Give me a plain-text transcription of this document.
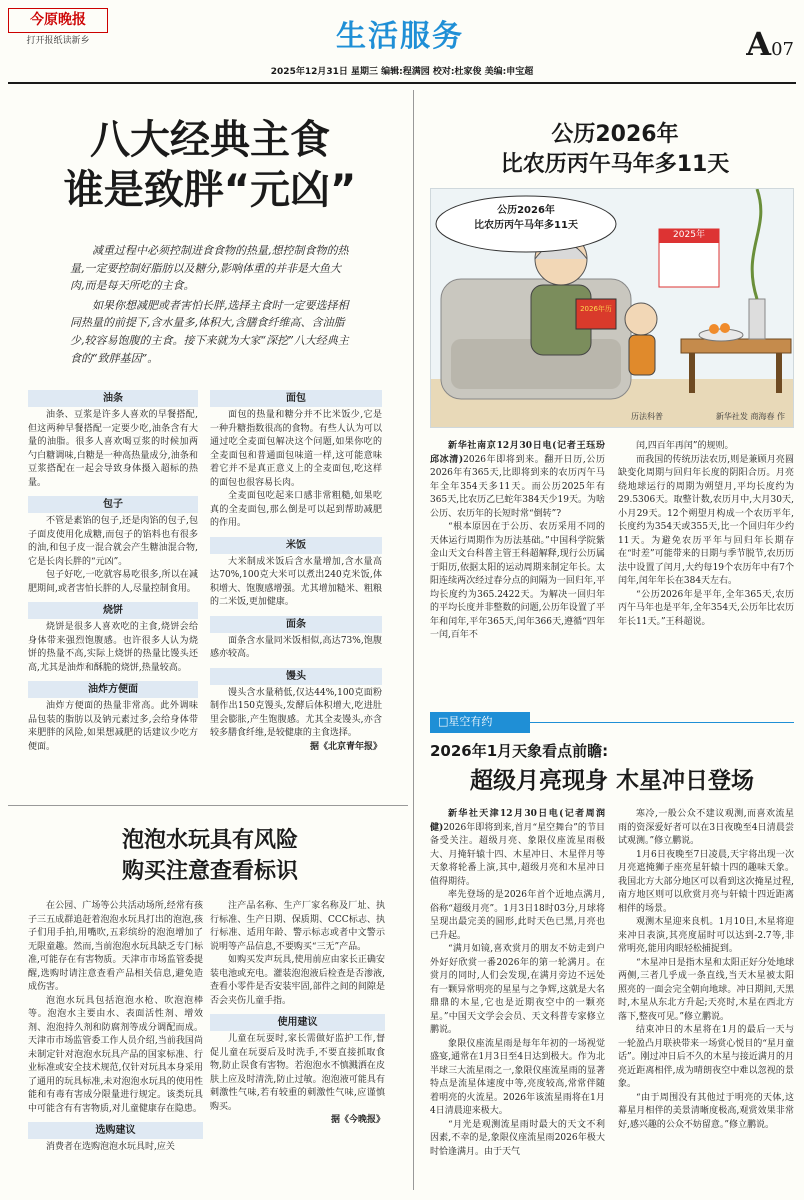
今原晚报
打开报纸读新乡	生活服务	A07
2025年12月31日 星期三 编辑:程满园 校对:杜家俊 美编:申宝超
八大经典主食
谁是致胖“元凶”

减重过程中必须控制进食食物的热量,想控制食物的热量,一定要控制好脂肪以及糖分,影响体重的并非是大鱼大肉,而是每天所吃的主食。

如果你想减肥或者害怕长胖,选择主食时一定要选择相同热量的前提下,含水量多,体积大,含膳食纤维高、含油脂少,较容易饱腹的主食。接下来就为大家“深挖”八大经典主食的“致胖基因”。

油条

油条、豆浆是许多人喜欢的早餐搭配,但这两种早餐搭配一定要少吃,油条含有大量的油脂。很多人喜欢喝豆浆的时候加两勺白糖调味,白糖是一种高热量成分,油条和豆浆搭配在一起会导致身体摄入超标的热量。

包子

不管是素馅的包子,还是肉馅的包子,包子面皮使用化成糖,而包子的馅料也有很多的油,和包子皮一混合就会产生糖油混合物,它是长肉长胖的“元凶”。

包子好吃,一吃就容易吃很多,所以在减肥期间,或者害怕长胖的人,尽量控制食用。

烧饼

烧饼是很多人喜欢吃的主食,烧饼会给身体带来强烈饱腹感。也许很多人认为烧饼的热量不高,实际上烧饼的热量比馒头还高,尤其是油炸和酥脆的烧饼,热量较高。

油炸方便面

油炸方便面的热量非常高。此外调味品包装的脂肪以及钠元素过多,会给身体带来肥胖的风险,如果想减肥的话建议少吃方便面。

面包

面包的热量和糖分并不比米饭少,它是一种升糖指数很高的食物。有些人认为可以通过吃全麦面包解决这个问题,如果你吃的全麦面包和普通面包味道一样,这可能意味着它并不是真正意义上的全麦面包,吃这样的面包也很容易长肉。

全麦面包吃起来口感非常粗糙,如果吃真的全麦面包,那么倒是可以起到帮助减肥的作用。

米饭

大米制成米饭后含水量增加,含水量高达70%,100克大米可以煮出240克米饭,体积增大、饱腹感增强。尤其增加糙米、粗粮的二米饭,更加健康。

面条

面条含水量同米饭相似,高达73%,饱腹感亦较高。

馒头

馒头含水量稍低,仅达44%,100克面粉制作出150克馒头,发酵后体积增大,吃进肚里会膨胀,产生饱腹感。尤其全麦馒头,亦含较多膳食纤维,是较健康的主食选择。

据《北京青年报》
泡泡水玩具有风险
购买注意查看标识

在公园、广场等公共活动场所,经常有孩子三五成群追赶着泡泡水玩具打出的泡泡,孩子们用手拍,用嘴吹,五彩缤纷的泡泡增加了无限童趣。然而,当前泡泡水玩具缺乏专门标准,可能存在有害物质。天津市市场监管委提醒,选购时请注意查看产品相关信息,避免造成伤害。

泡泡水玩具包括泡泡水枪、吹泡泡棒等。泡泡水主要由水、表面活性剂、增效剂、泡泡持久剂和防腐剂等成分调配而成。天津市市场监管委工作人员介绍,当前我国尚未制定针对泡泡水玩具产品的国家标准、行业标准或安全技术规范,仅针对玩具本身采用了通用的玩具标准,未对泡泡水玩具的使用性能和有毒有害成分限量进行规定。该类玩具中可能含有有害物质,对儿童健康存在隐患。

选购建议

消费者在选购泡泡水玩具时,应关

注产品名称、生产厂家名称及厂址、执行标准、生产日期、保质期、CCC标志、执行标准、适用年龄、警示标志或者中文警示说明等产品信息,不要购买“三无”产品。

如购买发声玩具,使用前应由家长正确安装电池或充电。灌装泡泡液后检查是否渗液,查看小零件是否安装牢固,部件之间的间隙是否会夹伤儿童手指。

使用建议

儿童在玩耍时,家长需做好监护工作,督促儿童在玩耍后及时洗手,不要直接抓取食物,防止误食有害物。若泡泡水不慎溅洒在皮肤上应及时清洗,防止过敏。泡泡液可能具有刺激性气味,若有较重的刺激性气味,应谨慎购买。

据《今晚报》
公历2026年
比农历丙午马年多11天
公历2026年
比农历丙午马年多11天
2025年
2026年历
历法科普	新华社发 商海春 作

新华社南京12月30日电(记者王珏玢 邱冰清)2026年即将到来。翻开日历,公历2026年有365天,比即将到来的农历丙午马年全年354天多11天。而公历2025年有365天,比农历乙巳蛇年384天少19天。为啥公历、农历年的长短时常“倒转”?

“根本原因在于公历、农历采用不同的天体运行周期作为历法基础。”中国科学院紫金山天文台科普主管王科超解释,现行公历属于阳历,依据太阳的运动周期来制定年长。太阳连续两次经过春分点的间隔为一回归年,平均长度约为365.2422天。为解决一回归年的平均长度并非整数的问题,公历年设置了平年和闰年,平年365天,闰年366天,遵循“四年一闰,百年不

闰,四百年再闰”的规则。

而我国的传统历法农历,则是兼顾月亮圆缺变化周期与回归年长度的阴阳合历。月亮绕地球运行的周期为朔望月,平均长度约为29.5306天。取整计数,农历月中,大月30天,小月29天。12个朔望月构成一个农历平年,长度约为354天或355天,比一个回归年少约11天。为避免农历平年与回归年长期存在“时差”可能带来的日期与季节脱节,农历历法中设置了闰月,大约每19个农历年中有7个闰年,闰年年长在384天左右。

“公历2026年是平年,全年365天,农历丙午马年也是平年,全年354天,公历年比农历年长11天。”王科超说。

□星空有约
2026年1月天象看点前瞻:
超级月亮现身 木星冲日登场

新华社天津12月30日电(记者周润健)2026年即将到来,首月“星空舞台”的节目备受关注。超级月亮、象限仪座流星雨极大、月掩轩辕十四、木星冲日、木星伴月等天象将轮番上演,其中,超级月亮和木星冲日值得期待。

率先登场的是2026年首个近地点满月,俗称“超级月亮”。1月3日18时03分,月球将呈现出最完美的圆形,此时天色已黑,月亮也已升起。

“满月如镜,喜欢赏月的朋友不妨走到户外好好欣赏一番2026年的第一轮满月。在赏月的同时,人们会发现,在满月旁边不远处有一颗异常明亮的星星与之争辉,这就是大名鼎鼎的木星,它也是近期夜空中的一颗亮星。”中国天文学会会员、天文科普专家修立鹏说。

象限仪座流星雨是每年年初的一场视觉盛宴,通常在1月3日至4日达到极大。作为北半球三大流星雨之一,象限仪座流星雨的显著特点是流星体速度中等,亮度较高,常常伴随着明亮的火流星。2026年该流星雨将在1月4日清晨迎来极大。

“月光是观测流星雨时最大的天文不利因素,不幸的是,象限仪座流星雨2026年极大时恰逢满月。由于天气

寒冷,一般公众不建议观测,而喜欢流星雨的资深爱好者可以在3日夜晚至4日清晨尝试观测。”修立鹏说。

1月6日夜晚至7日凌晨,天宇将出现一次月亮遮掩狮子座亮星轩辕十四的趣味天象。我国北方大部分地区可以看到这次掩星过程,南方地区则可以欣赏月亮与轩辕十四近距离相伴的场景。

观测木星迎来良机。1月10日,木星将迎来冲日表演,其亮度届时可以达到-2.7等,非常明亮,能用肉眼轻松捕捉到。

“木星冲日是指木星和太阳正好分处地球两侧,三者几乎成一条直线,当天木星被太阳照亮的一面会完全朝向地球。冲日期间,天黑时,木星从东北方升起;天亮时,木星在西北方落下,整夜可见。”修立鹏说。

结束冲日的木星将在1月的最后一天与一轮盈凸月联袂带来一场赏心悦目的“星月童话”。刚过冲日后不久的木星与接近满月的月亮近距离相伴,成为晴朗夜空中难以忽视的景象。

“由于周围没有其他过于明亮的天体,这幕星月相伴的美景清晰度极高,观赏效果非常好,感兴趣的公众不妨留意。”修立鹏说。
